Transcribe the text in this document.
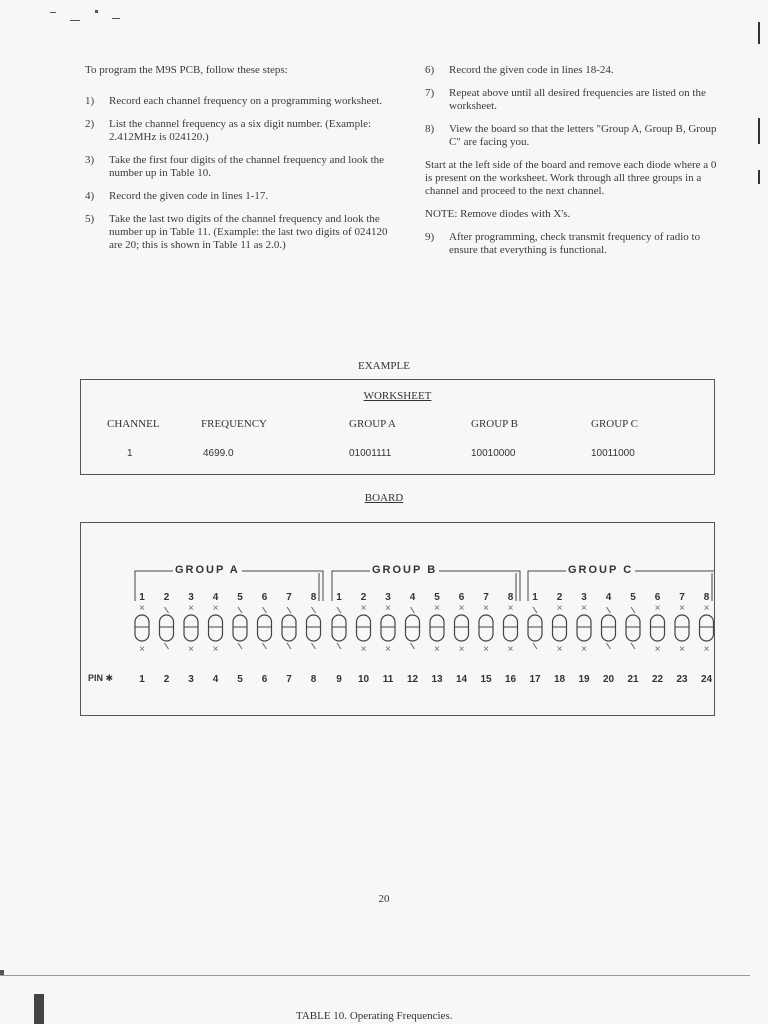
To program the M9S PCB, follow these steps:

1)	Record each channel frequency on a programming worksheet.
2)	List the channel frequency as a six digit number. (Example: 2.412MHz is 024120.)
3)	Take the first four digits of the channel frequency and look the number up in Table 10.
4)	Record the given code in lines 1-17.
5)	Take the last two digits of the channel frequency and look the number up in Table 11. (Example: the last two digits of 024120 are 20; this is shown in Table 11 as 2.0.)
6)	Record the given code in lines 18-24.
7)	Repeat above until all desired frequencies are listed on the worksheet.
8)	View the board so that the letters "Group A, Group B, Group C" are facing you.

Start at the left side of the board and remove each diode where a 0 is present on the worksheet. Work through all three groups in a channel and proceed to the next channel.

NOTE: Remove diodes with X's.

9)	After programming, check transmit frequency of radio to ensure that everything is functional.
EXAMPLE
WORKSHEET
CHANNEL	FREQUENCY	GROUP A	GROUP B	GROUP C
1	4699.0	01001111	10010000	10011000
BOARD
PIN ✱
GROUP A
1
×
×
2	3
×
×
4
×
×
5	6	7	8
GROUP B
1	2
×
×
3
×
×
4	5
×
×
6
×
×
7
×
×
8
×
×
GROUP C
1	2
×
×
3
×
×
4	5	6
×
×
7
×
×
8
×
×
1	2	3	4	5	6	7	8	9	10	11	12	13	14	15	16	17	18	19	20	21	22	23	24
20
TABLE 10. Operating Frequencies.
